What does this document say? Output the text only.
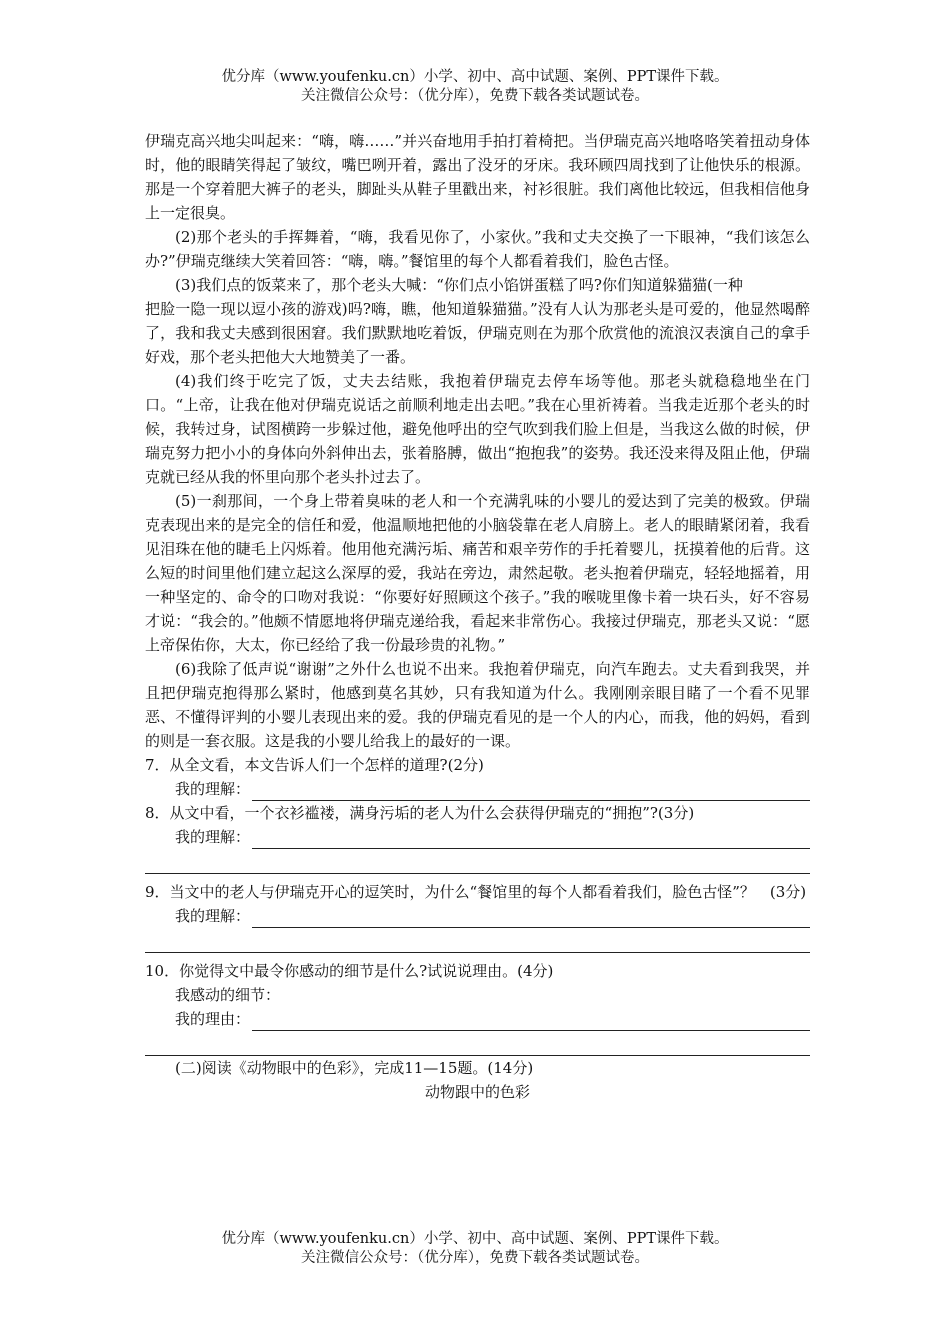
优分库（www.youfenku.cn）小学、初中、高中试题、案例、PPT课件下载。
关注微信公众号：（优分库），免费下载各类试题试卷。

伊瑞克高兴地尖叫起来：“嗨，嗨……”并兴奋地用手拍打着椅把。当伊瑞克高兴地咯咯笑着扭动身体时，他的眼睛笑得起了皱纹，嘴巴咧开着，露出了没牙的牙床。我环顾四周找到了让他快乐的根源。那是一个穿着肥大裤子的老头，脚趾头从鞋子里戳出来，衬衫很脏。我们离他比较远，但我相信他身上一定很臭。

(2)那个老头的手挥舞着，“嗨，我看见你了，小家伙。”我和丈夫交换了一下眼神，“我们该怎么办?”伊瑞克继续大笑着回答：“嗨，嗨。”餐馆里的每个人都看着我们，脸色古怪。

(3)我们点的饭菜来了，那个老头大喊：“你们点小馅饼蛋糕了吗?你们知道躲猫猫(一种

把脸一隐一现以逗小孩的游戏)吗?嗨，瞧，他知道躲猫猫。”没有人认为那老头是可爱的，他显然喝醉了，我和我丈夫感到很困窘。我们默默地吃着饭，伊瑞克则在为那个欣赏他的流浪汉表演自己的拿手好戏，那个老头把他大大地赞美了一番。

(4)我们终于吃完了饭，丈夫去结账，我抱着伊瑞克去停车场等他。那老头就稳稳地坐在门口。“上帝，让我在他对伊瑞克说话之前顺利地走出去吧。”我在心里祈祷着。当我走近那个老头的时候，我转过身，试图横跨一步躲过他，避免他呼出的空气吹到我们脸上但是，当我这么做的时候，伊瑞克努力把小小的身体向外斜伸出去，张着胳膊，做出“抱抱我”的姿势。我还没来得及阻止他，伊瑞克就已经从我的怀里向那个老头扑过去了。

(5)一刹那间，一个身上带着臭味的老人和一个充满乳味的小婴儿的爱达到了完美的极致。伊瑞克表现出来的是完全的信任和爱，他温顺地把他的小脑袋靠在老人肩膀上。老人的眼睛紧闭着，我看见泪珠在他的睫毛上闪烁着。他用他充满污垢、痛苦和艰辛劳作的手托着婴儿，抚摸着他的后背。这么短的时间里他们建立起这么深厚的爱，我站在旁边，肃然起敬。老头抱着伊瑞克，轻轻地摇着，用一种坚定的、命令的口吻对我说：“你要好好照顾这个孩子。”我的喉咙里像卡着一块石头，好不容易才说：“我会的。”他颇不情愿地将伊瑞克递给我，看起来非常伤心。我接过伊瑞克，那老头又说：“愿上帝保佑你，大太，你已经给了我一份最珍贵的礼物。”

(6)我除了低声说“谢谢”之外什么也说不出来。我抱着伊瑞克，向汽车跑去。丈夫看到我哭，并且把伊瑞克抱得那么紧时，他感到莫名其妙，只有我知道为什么。我刚刚亲眼目睹了一个看不见罪恶、不懂得评判的小婴儿表现出来的爱。我的伊瑞克看见的是一个人的内心，而我，他的妈妈，看到的则是一套衣服。这是我的小婴儿给我上的最好的一课。

7．从全文看，本文告诉人们一个怎样的道理?(2分)

我的理解：

8．从文中看，一个衣衫褴褛，满身污垢的老人为什么会获得伊瑞克的“拥抱”?(3分)

我的理解：

9．当文中的老人与伊瑞克开心的逗笑时，为什么“餐馆里的每个人都看着我们，脸色古怪”？　(3分)

我的理解：

10．你觉得文中最令你感动的细节是什么?试说说理由。(4分)

我感动的细节：
我的理由：

(二)阅读《动物眼中的色彩》，完成11—15题。(14分)

动物跟中的色彩

优分库（www.youfenku.cn）小学、初中、高中试题、案例、PPT课件下载。
关注微信公众号：（优分库），免费下载各类试题试卷。
